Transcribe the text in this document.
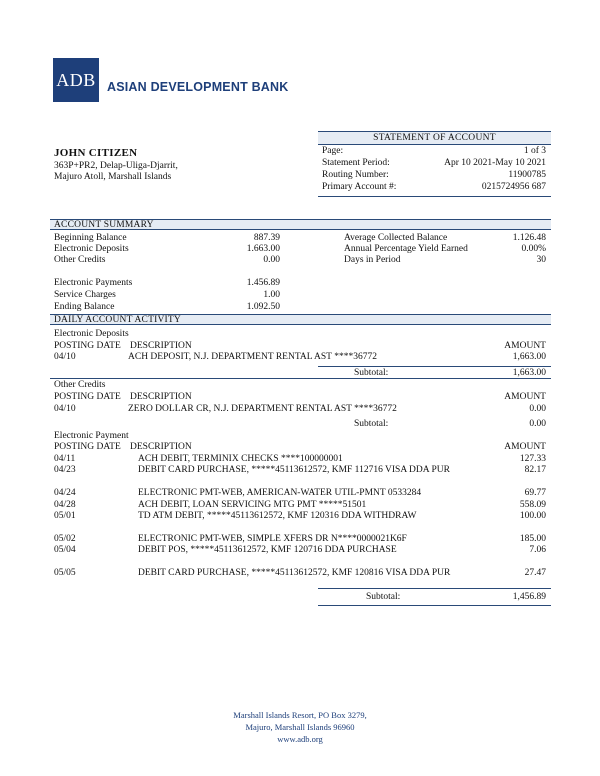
ADB ASIAN DEVELOPMENT BANK
JOHN CITIZEN
363P+PR2, Delap-Uliga-Djarrit,
Majuro Atoll, Marshall Islands
STATEMENT OF ACCOUNT
Page:	1 of 3
Statement Period:	Apr 10 2021-May 10 2021
Routing Number:	11900785
Primary Account #:	0215724956 687
ACCOUNT SUMMARY
Beginning Balance	887.39
Electronic Deposits	1.663.00
Other Credits	0.00
Electronic Payments	1.456.89
Service Charges	1.00
Ending Balance	1.092.50
Average Collected Balance	1.126.48
Annual Percentage Yield Earned	0.00%
Days in Period	30
DAILY ACCOUNT ACTIVITY
Electronic Deposits
POSTING DATE DESCRIPTION	AMOUNT
04/10	ACH DEPOSIT, N.J. DEPARTMENT RENTAL AST ****36772	1,663.00
Subtotal:	1,663.00
Other Credits
POSTING DATE DESCRIPTION	AMOUNT
04/10	ZERO DOLLAR CR, N.J. DEPARTMENT RENTAL AST ****36772	0.00
Subtotal:	0.00
Electronic Payment
POSTING DATE DESCRIPTION	AMOUNT
04/11	ACH DEBIT, TERMINIX CHECKS ****100000001	127.33
04/23	DEBIT CARD PURCHASE, *****45113612572, KMF 112716 VISA DDA PUR	82.17
04/24	ELECTRONIC PMT-WEB, AMERICAN-WATER UTIL-PMNT 0533284	69.77
04/28	ACH DEBIT, LOAN SERVICING MTG PMT *****51501	558.09
05/01	TD ATM DEBIT, *****45113612572, KMF 120316 DDA WITHDRAW	100.00
05/02	ELECTRONIC PMT-WEB, SIMPLE XFERS DR N****0000021K6F	185.00
05/04	DEBIT POS, *****45113612572, KMF 120716 DDA PURCHASE	7.06
05/05	DEBIT CARD PURCHASE, *****45113612572, KMF 120816 VISA DDA PUR	27.47
Subtotal:	1,456.89
Marshall Islands Resort, PO Box 3279,
Majuro, Marshall Islands 96960
www.adb.org
